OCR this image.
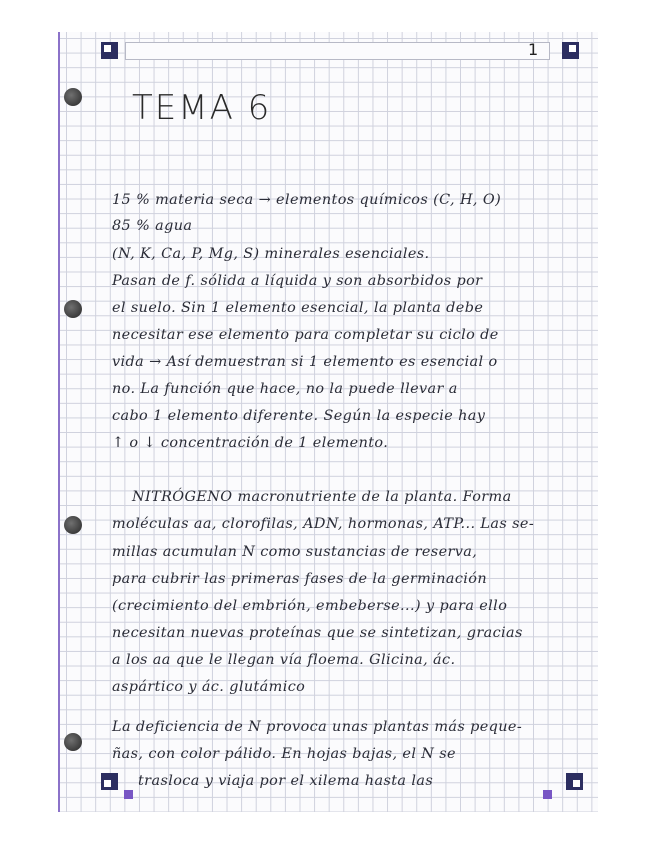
1
TEMA 6
15 % materia seca → elementos químicos (C, H, O)
85 % agua
(N, K, Ca, P, Mg, S) minerales esenciales.
Pasan de f. sólida a líquida y son absorbidos por
el suelo. Sin 1 elemento esencial, la planta debe
necesitar ese elemento para completar su ciclo de
vida → Así demuestran si 1 elemento es esencial o
no. La función que hace, no la puede llevar a
cabo 1 elemento diferente. Según la especie hay
↑ o ↓ concentración de 1 elemento.
NITRÓGENO macronutriente de la planta. Forma
moléculas aa, clorofilas, ADN, hormonas, ATP... Las se-
millas acumulan N como sustancias de reserva,
para cubrir las primeras fases de la germinación
(crecimiento del embrión, embeberse...) y para ello
necesitan nuevas proteínas que se sintetizan, gracias
a los aa que le llegan vía floema. Glicina, ác.
aspártico y ác. glutámico
La deficiencia de N provoca unas plantas más peque-
ñas, con color pálido. En hojas bajas, el N se
trasloca y viaja por el xilema hasta las
